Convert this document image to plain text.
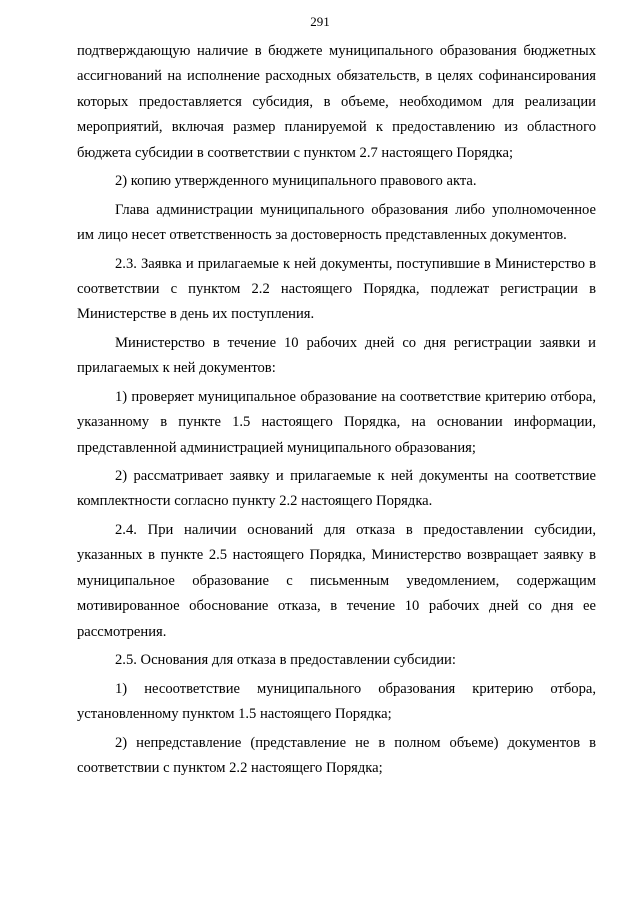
291

подтверждающую наличие в бюджете муниципального образования бюджетных ассигнований на исполнение расходных обязательств, в целях софинансирования которых предоставляется субсидия, в объеме, необходимом для реализации мероприятий, включая размер планируемой к предоставлению из областного бюджета субсидии в соответствии с пунктом 2.7 настоящего Порядка;

2) копию утвержденного муниципального правового акта.

Глава администрации муниципального образования либо уполномоченное им лицо несет ответственность за достоверность представленных документов.

2.3. Заявка и прилагаемые к ней документы, поступившие в Министерство в соответствии с пунктом 2.2 настоящего Порядка, подлежат регистрации в Министерстве в день их поступления.

Министерство в течение 10 рабочих дней со дня регистрации заявки и прилагаемых к ней документов:

1) проверяет муниципальное образование на соответствие критерию отбора, указанному в пункте 1.5 настоящего Порядка, на основании информации, представленной администрацией муниципального образования;

2) рассматривает заявку и прилагаемые к ней документы на соответствие комплектности согласно пункту 2.2 настоящего Порядка.

2.4. При наличии оснований для отказа в предоставлении субсидии, указанных в пункте 2.5 настоящего Порядка, Министерство возвращает заявку в муниципальное образование с письменным уведомлением, содержащим мотивированное обоснование отказа, в течение 10 рабочих дней со дня ее рассмотрения.

2.5. Основания для отказа в предоставлении субсидии:

1) несоответствие муниципального образования критерию отбора, установленному пунктом 1.5 настоящего Порядка;

2) непредставление (представление не в полном объеме) документов в соответствии с пунктом 2.2 настоящего Порядка;
